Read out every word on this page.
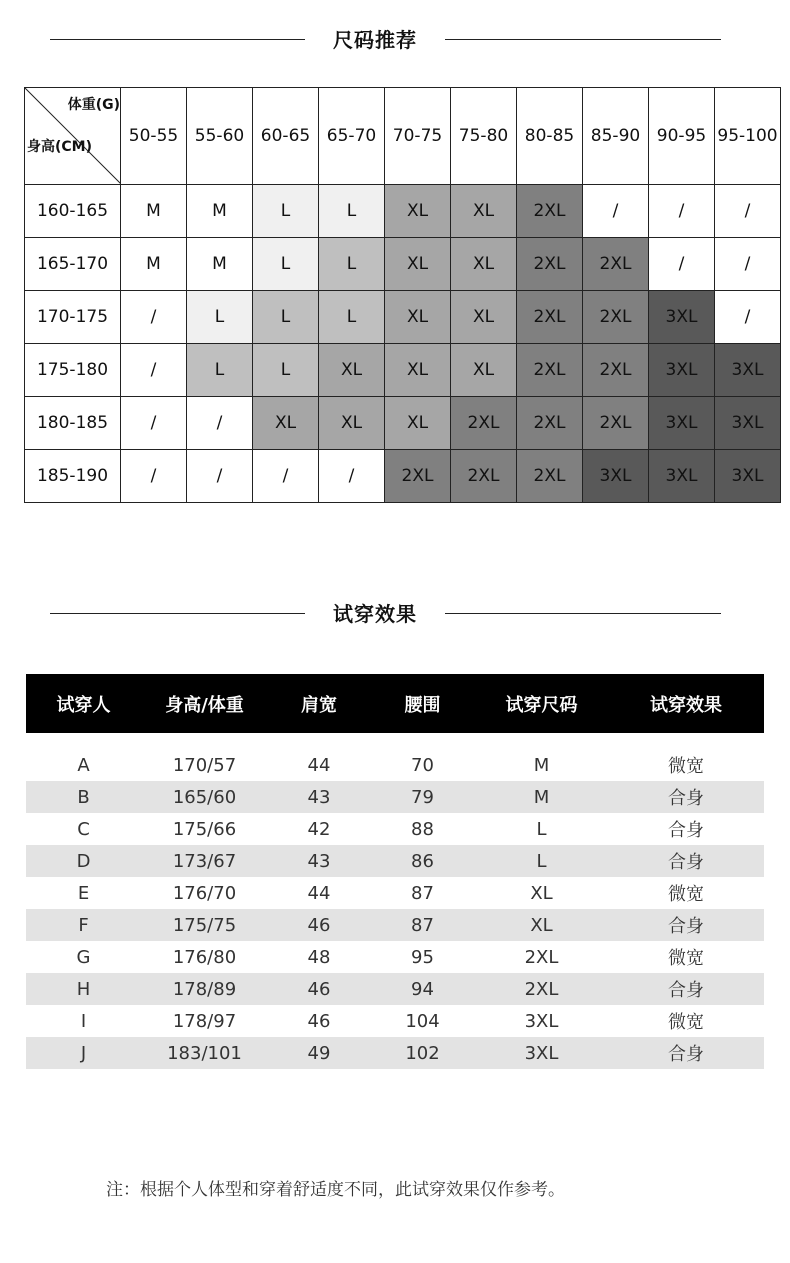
尺码推荐
体重(G)
身高(CM)	50-55	55-60	60-65	65-70	70-75	75-80	80-85	85-90	90-95	95-100
160-165	M	M	L	L	XL	XL	2XL	/	/	/
165-170	M	M	L	L	XL	XL	2XL	2XL	/	/
170-175	/	L	L	L	XL	XL	2XL	2XL	3XL	/
175-180	/	L	L	XL	XL	XL	2XL	2XL	3XL	3XL
180-185	/	/	XL	XL	XL	2XL	2XL	2XL	3XL	3XL
185-190	/	/	/	/	2XL	2XL	2XL	3XL	3XL	3XL
试穿效果
试穿人	身高/体重	肩宽	腰围	试穿尺码	试穿效果

A	170/57	44	70	M	微宽
B	165/60	43	79	M	合身
C	175/66	42	88	L	合身
D	173/67	43	86	L	合身
E	176/70	44	87	XL	微宽
F	175/75	46	87	XL	合身
G	176/80	48	95	2XL	微宽
H	178/89	46	94	2XL	合身
I	178/97	46	104	3XL	微宽
J	183/101	49	102	3XL	合身
注：根据个人体型和穿着舒适度不同，此试穿效果仅作参考。
